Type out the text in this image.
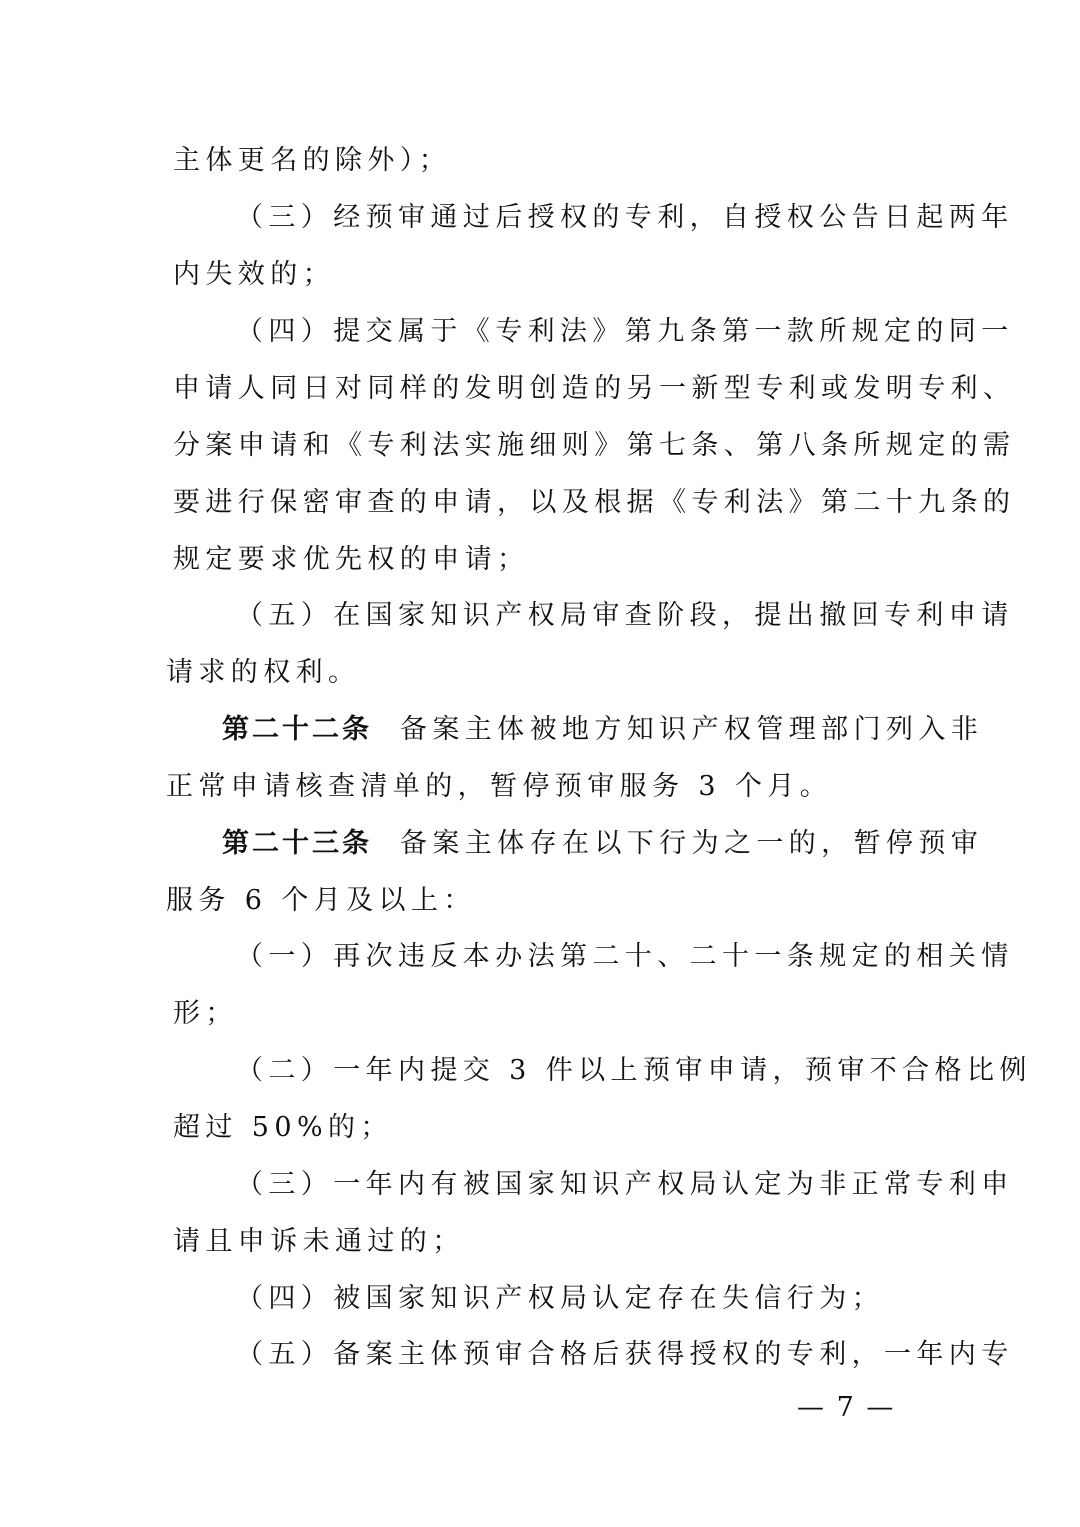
主体更名的除外）；
（三）经预审通过后授权的专利，自授权公告日起两年
内失效的；
（四）提交属于《专利法》第九条第一款所规定的同一
申请人同日对同样的发明创造的另一新型专利或发明专利、
分案申请和《专利法实施细则》第七条、第八条所规定的需
要进行保密审查的申请，以及根据《专利法》第二十九条的
规定要求优先权的申请；
（五）在国家知识产权局审查阶段，提出撤回专利申请
请求的权利。
第二十二条 备案主体被地方知识产权管理部门列入非
正常申请核查清单的，暂停预审服务 3 个月。
第二十三条 备案主体存在以下行为之一的，暂停预审
服务 6 个月及以上：
（一）再次违反本办法第二十、二十一条规定的相关情
形；
（二）一年内提交 3 件以上预审申请，预审不合格比例
超过 50%的；
（三）一年内有被国家知识产权局认定为非正常专利申
请且申诉未通过的；
（四）被国家知识产权局认定存在失信行为；
（五）备案主体预审合格后获得授权的专利，一年内专
— 7 —
